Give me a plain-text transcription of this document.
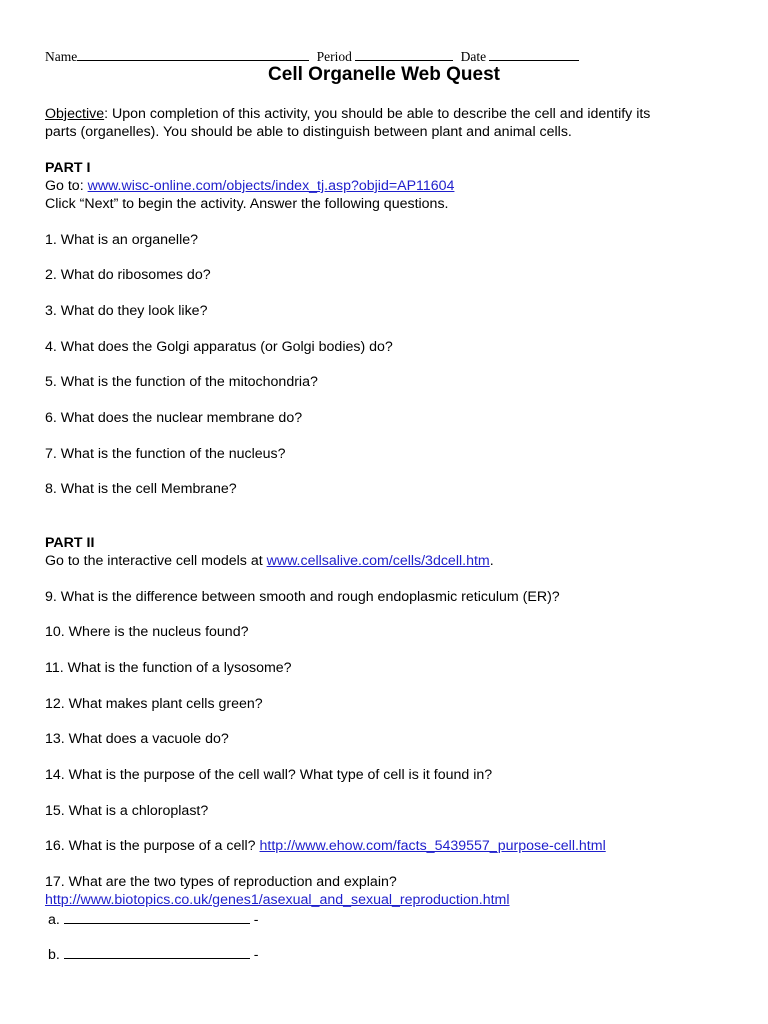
Name	Period	Date
Cell Organelle Web Quest
Objective: Upon completion of this activity, you should be able to describe the cell and identify its
parts (organelles). You should be able to distinguish between plant and animal cells.
PART I
Go to: www.wisc-online.com/objects/index_tj.asp?objid=AP11604
Click “Next” to begin the activity. Answer the following questions.
1. What is an organelle?
2. What do ribosomes do?
3. What do they look like?
4. What does the Golgi apparatus (or Golgi bodies) do?
5. What is the function of the mitochondria?
6. What does the nuclear membrane do?
7. What is the function of the nucleus?
8. What is the cell Membrane?
PART II
Go to the interactive cell models at www.cellsalive.com/cells/3dcell.htm.
9. What is the difference between smooth and rough endoplasmic reticulum (ER)?
10. Where is the nucleus found?
11. What is the function of a lysosome?
12. What makes plant cells green?
13. What does a vacuole do?
14. What is the purpose of the cell wall? What type of cell is it found in?
15. What is a chloroplast?
16. What is the purpose of a cell? http://www.ehow.com/facts_5439557_purpose-cell.html
17. What are the two types of reproduction and explain?
http://www.biotopics.co.uk/genes1/asexual_and_sexual_reproduction.html
a.	-
b.	-
